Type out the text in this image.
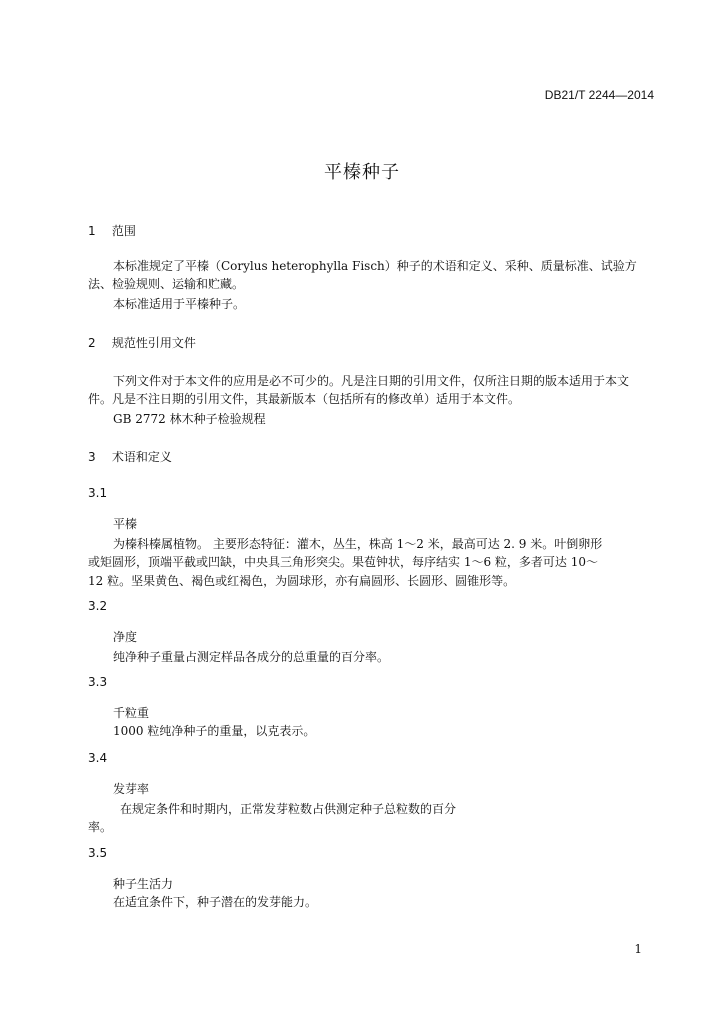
DB21/T 2244—2014
平榛种子
1 范围
本标准规定了平榛（Corylus heterophylla Fisch）种子的术语和定义、采种、质量标准、试验方
法、检验规则、运输和贮藏。
本标准适用于平榛种子。
2 规范性引用文件
下列文件对于本文件的应用是必不可少的。凡是注日期的引用文件，仅所注日期的版本适用于本文
件。凡是不注日期的引用文件，其最新版本（包括所有的修改单）适用于本文件。
GB 2772 林木种子检验规程
3 术语和定义
3.1
平榛
为榛科榛属植物。 主要形态特征：灌木，丛生，株高 1～2 米，最高可达 2. 9 米。叶倒卵形
或矩圆形，顶端平截或凹缺，中央具三角形突尖。果苞钟状，每序结实 1～6 粒，多者可达 10～
12 粒。坚果黄色、褐色或红褐色，为圆球形，亦有扁圆形、长圆形、圆锥形等。
3.2
净度
纯净种子重量占测定样品各成分的总重量的百分率。
3.3
千粒重
1000 粒纯净种子的重量，以克表示。
3.4
发芽率
在规定条件和时期内，正常发芽粒数占供测定种子总粒数的百分
率。
3.5
种子生活力
在适宜条件下，种子潜在的发芽能力。
1
